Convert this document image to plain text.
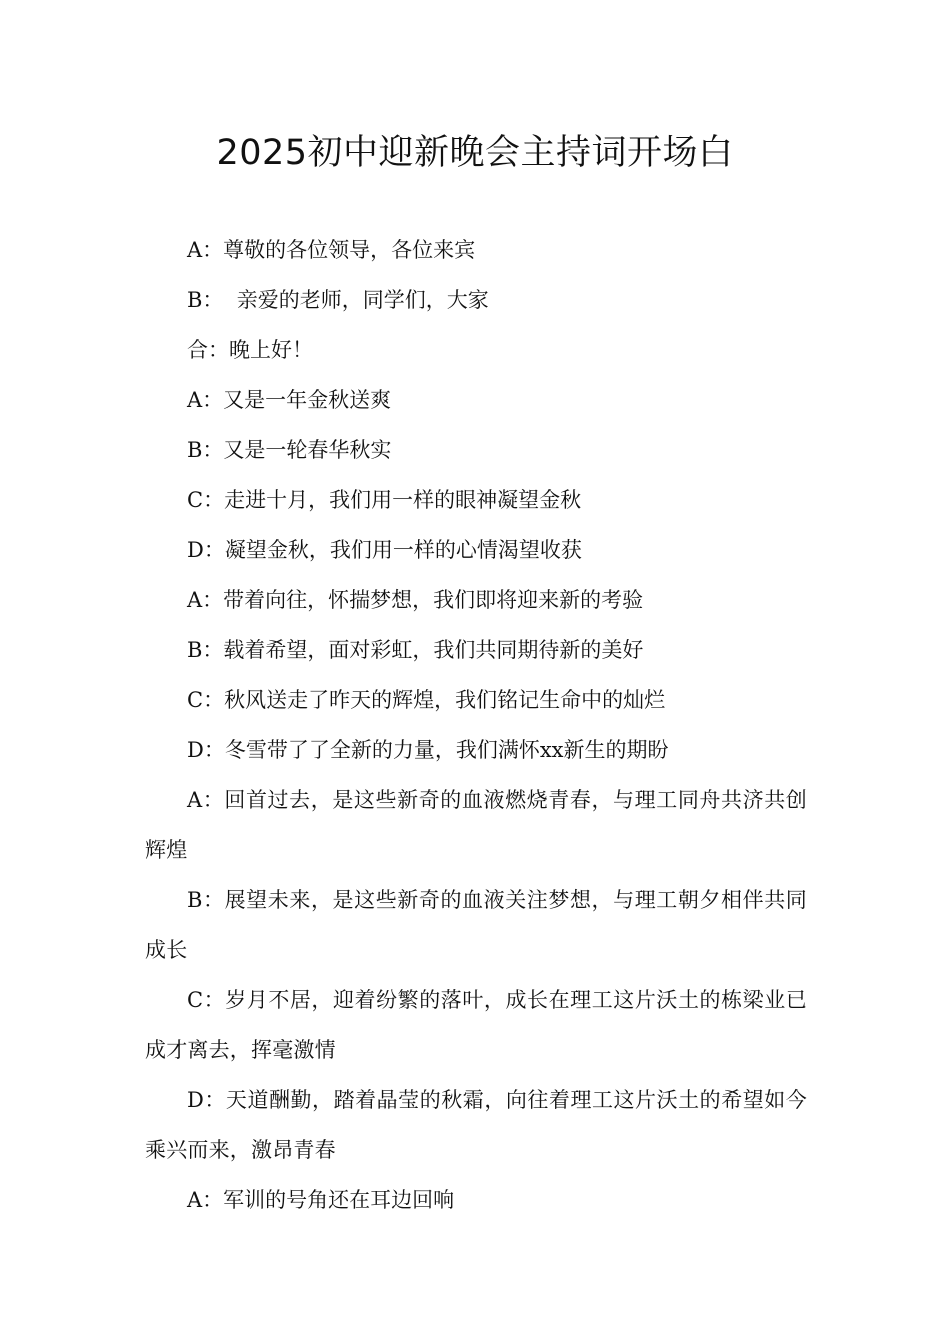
2025初中迎新晚会主持词开场白

A：尊敬的各位领导，各位来宾

B：  亲爱的老师，同学们，大家

合：晚上好！

A：又是一年金秋送爽

B：又是一轮春华秋实

C：走进十月，我们用一样的眼神凝望金秋

D：凝望金秋，我们用一样的心情渴望收获

A：带着向往，怀揣梦想，我们即将迎来新的考验

B：载着希望，面对彩虹，我们共同期待新的美好

C：秋风送走了昨天的辉煌，我们铭记生命中的灿烂

D：冬雪带了了全新的力量，我们满怀xx新生的期盼

A：回首过去，是这些新奇的血液燃烧青春，与理工同舟共济共创辉煌

B：展望未来，是这些新奇的血液关注梦想，与理工朝夕相伴共同成长

C：岁月不居，迎着纷繁的落叶，成长在理工这片沃土的栋梁业已成才离去，挥毫激情

D：天道酬勤，踏着晶莹的秋霜，向往着理工这片沃土的希望如今乘兴而来，激昂青春

A：军训的号角还在耳边回响
